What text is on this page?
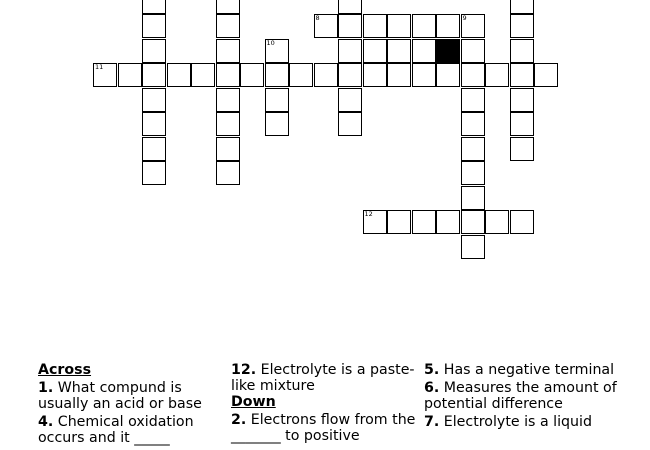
11
8	9
10
12
Across
1. What compund is usually an acid or base
4. Chemical oxidation occurs and it _____
12. Electrolyte is a paste-like mixture
Down
2. Electrons flow from the _______ to positive
5. Has a negative terminal
6. Measures the amount of potential difference
7. Electrolyte is a liquid
